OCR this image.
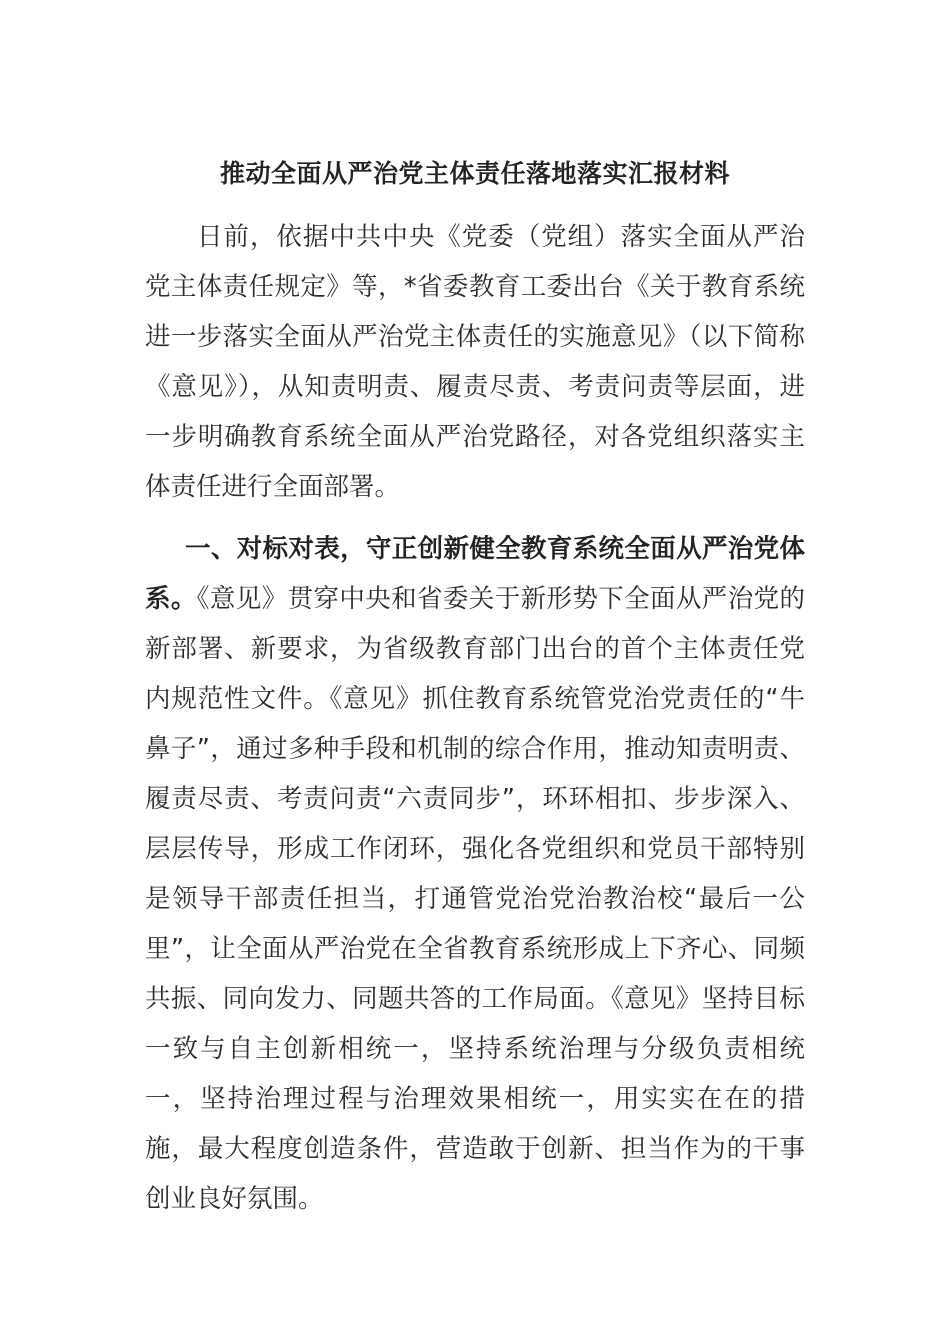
推动全面从严治党主体责任落地落实汇报材料

日前，依据中共中央《党委（党组）落实全面从严治党主体责任规定》等，*省委教育工委出台《关于教育系统进一步落实全面从严治党主体责任的实施意见》（以下简称《意见》），从知责明责、履责尽责、考责问责等层面，进一步明确教育系统全面从严治党路径，对各党组织落实主体责任进行全面部署。

一、对标对表，守正创新健全教育系统全面从严治党体系。《意见》贯穿中央和省委关于新形势下全面从严治党的新部署、新要求，为省级教育部门出台的首个主体责任党内规范性文件。《意见》抓住教育系统管党治党责任的“牛鼻子”，通过多种手段和机制的综合作用，推动知责明责、履责尽责、考责问责“六责同步”，环环相扣、步步深入、层层传导，形成工作闭环，强化各党组织和党员干部特别是领导干部责任担当，打通管党治党治教治校“最后一公里”，让全面从严治党在全省教育系统形成上下齐心、同频共振、同向发力、同题共答的工作局面。《意见》坚持目标一致与自主创新相统一，坚持系统治理与分级负责相统一，坚持治理过程与治理效果相统一，用实实在在的措施，最大程度创造条件，营造敢于创新、担当作为的干事创业良好氛围。
